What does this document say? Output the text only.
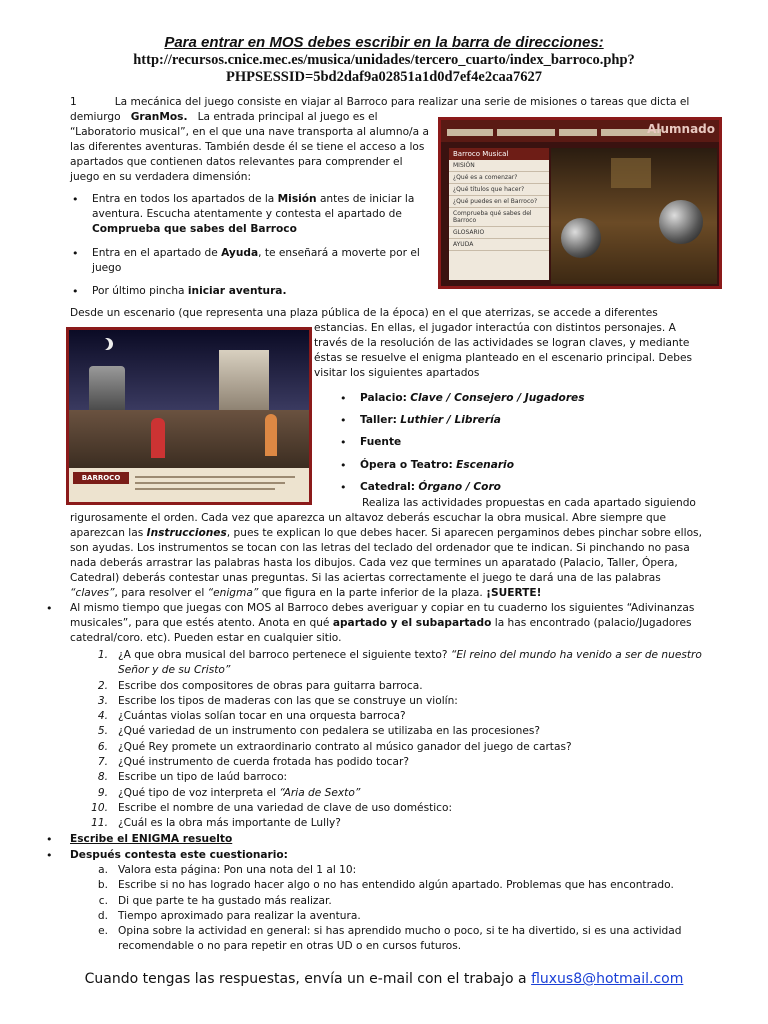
Para entrar en MOS debes escribir en la barra de direcciones:
http://recursos.cnice.mec.es/musica/unidades/tercero_cuarto/index_barroco.php?
PHPSESSID=5bd2daf9a02851a1d0d7ef4e2caa7627
1	La mecánica del juego consiste en viajar al Barroco para realizar una serie de misiones o tareas que dicta el
demiurgo GranMos. La entrada principal al juego es el
“Laboratorio musical”, en el que una nave transporta al alumno/a a
las diferentes aventuras. También desde él se tiene el acceso a los
apartados que contienen datos relevantes para comprender el
juego en su verdadera dimensión:
• Entra en todos los apartados de la Misión antes de iniciar la
aventura. Escucha atentamente y contesta el apartado de
Comprueba que sabes del Barroco
• Entra en el apartado de Ayuda, te enseñará a moverte por el
juego
• Por último pincha iniciar aventura.
Alumnado
Barroco Musical
MISIÓN
¿Qué es a comenzar?
¿Qué títulos que hacer?
¿Qué puedes en el Barroco?
Comprueba qué sabes del Barroco
GLOSARIO
AYUDA
Desde un escenario (que representa una plaza pública de la época) en el que aterrizas, se accede a diferentes
estancias. En ellas, el jugador interactúa con distintos personajes. A
través de la resolución de las actividades se logran claves, y mediante
éstas se resuelve el enigma planteado en el escenario principal. Debes
visitar los siguientes apartados
BARROCO
• Palacio: Clave / Consejero / Jugadores
• Taller: Luthier / Librería
• Fuente
• Ópera o Teatro: Escenario
• Catedral: Órgano / Coro
Realiza las actividades propuestas en cada apartado siguiendo
rigurosamente el orden. Cada vez que aparezca un altavoz deberás escuchar la obra musical. Abre siempre que
aparezcan las Instrucciones, pues te explican lo que debes hacer. Si aparecen pergaminos debes pinchar sobre ellos,
son ayudas. Los instrumentos se tocan con las letras del teclado del ordenador que te indican. Si pinchando no pasa
nada deberás arrastrar las palabras hasta los dibujos. Cada vez que termines un aparatado (Palacio, Taller, Ópera,
Catedral) deberás contestar unas preguntas. Si las aciertas correctamente el juego te dará una de las palabras
“claves”, para resolver el “enigma” que figura en la parte inferior de la plaza. ¡SUERTE!
• Al mismo tiempo que juegas con MOS al Barroco debes averiguar y copiar en tu cuaderno los siguientes “Adivinanzas
musicales”, para que estés atento. Anota en qué apartado y el subapartado la has encontrado (palacio/Jugadores
catedral/coro. etc). Pueden estar en cualquier sitio.
1. ¿A que obra musical del barroco pertenece el siguiente texto? “El reino del mundo ha venido a ser de nuestro
Señor y de su Cristo”
2. Escribe dos compositores de obras para guitarra barroca.
3. Escribe los tipos de maderas con las que se construye un violín:
4. ¿Cuántas violas solían tocar en una orquesta barroca?
5. ¿Qué variedad de un instrumento con pedalera se utilizaba en las procesiones?
6. ¿Qué Rey promete un extraordinario contrato al músico ganador del juego de cartas?
7. ¿Qué instrumento de cuerda frotada has podido tocar?
8. Escribe un tipo de laúd barroco:
9. ¿Qué tipo de voz interpreta el “Aria de Sexto”
10. Escribe el nombre de una variedad de clave de uso doméstico:
11. ¿Cuál es la obra más importante de Lully?
• Escribe el ENIGMA resuelto
• Después contesta este cuestionario:
a. Valora esta página: Pon una nota del 1 al 10:
b. Escribe si no has logrado hacer algo o no has entendido algún apartado. Problemas que has encontrado.
c. Di que parte te ha gustado más realizar.
d. Tiempo aproximado para realizar la aventura.
e. Opina sobre la actividad en general: si has aprendido mucho o poco, si te ha divertido, si es una actividad
recomendable o no para repetir en otras UD o en cursos futuros.
Cuando tengas las respuestas, envía un e-mail con el trabajo a fluxus8@hotmail.com
